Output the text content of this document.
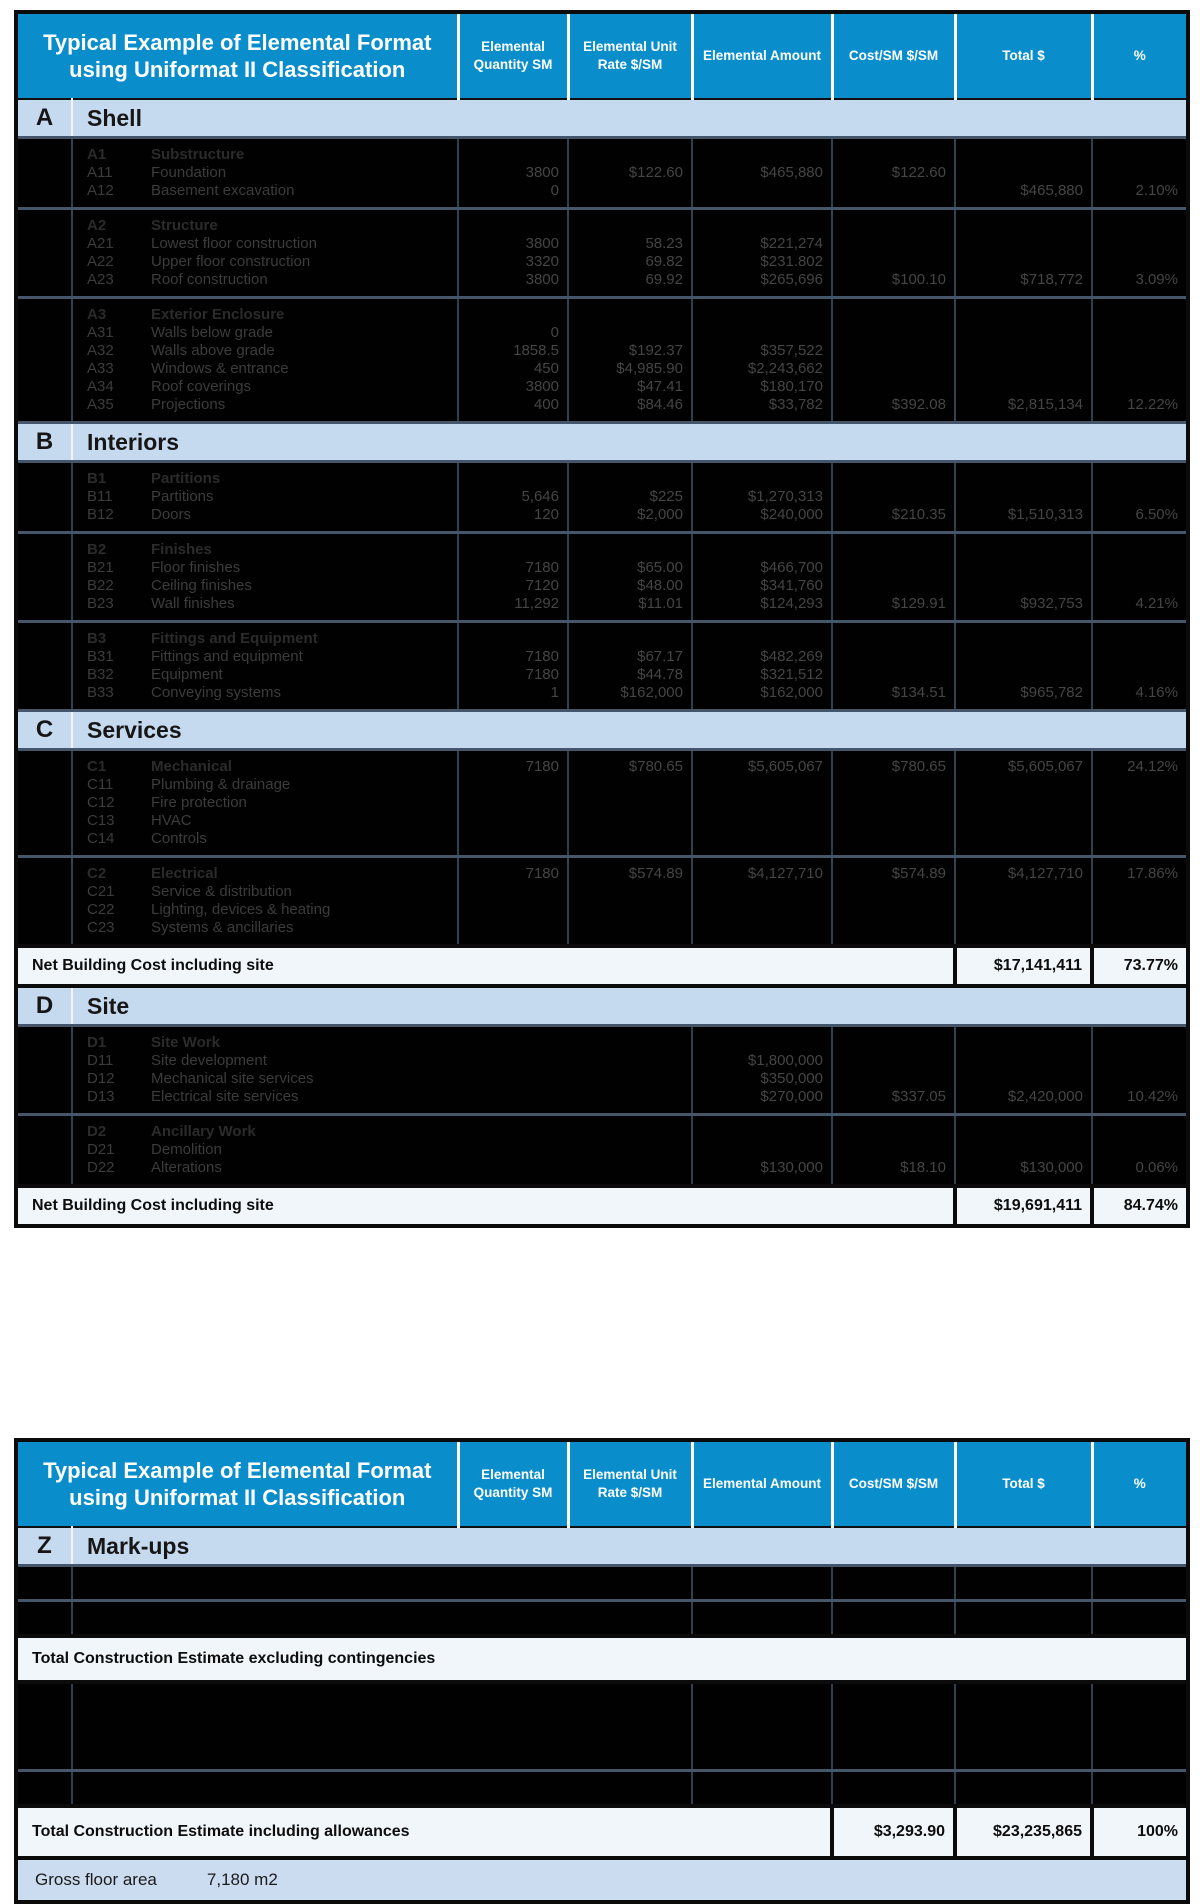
Typical Example of Elemental Format using Uniformat II Classification			Elemental Quantity SM	Elemental Unit Rate $/SM	Elemental Amount	Cost/SM $/SM	Total $	%
A	Shell							
	A1	Substructure						
	A11	Foundation	3800	$122.60	$465,880	$122.60		
	A12	Basement excavation	0				$465,880	2.10%
	A2	Structure						
	A21	Lowest floor construction	3800	58.23	$221,274			
	A22	Upper floor construction	3320	69.82	$231.802			
	A23	Roof construction	3800	69.92	$265,696	$100.10	$718,772	3.09%
	A3	Exterior Enclosure						
	A31	Walls below grade	0					
	A32	Walls above grade	1858.5	$192.37	$357,522			
	A33	Windows & entrance	450	$4,985.90	$2,243,662			
	A34	Roof coverings	3800	$47.41	$180,170			
	A35	Projections	400	$84.46	$33,782	$392.08	$2,815,134	12.22%
B	Interiors							
	B1	Partitions						
	B11	Partitions	5,646	$225	$1,270,313			
	B12	Doors	120	$2,000	$240,000	$210.35	$1,510,313	6.50%
	B2	Finishes						
	B21	Floor finishes	7180	$65.00	$466,700			
	B22	Ceiling finishes	7120	$48.00	$341,760			
	B23	Wall finishes	11,292	$11.01	$124,293	$129.91	$932,753	4.21%
	B3	Fittings and Equipment						
	B31	Fittings and equipment	7180	$67.17	$482,269			
	B32	Equipment	7180	$44.78	$321,512			
	B33	Conveying systems	1	$162,000	$162,000	$134.51	$965,782	4.16%
C	Services							
	C1	Mechanical	7180	$780.65	$5,605,067	$780.65	$5,605,067	24.12%
	C11	Plumbing & drainage						
	C12	Fire protection						
	C13	HVAC						
	C14	Controls						
	C2	Electrical	7180	$574.89	$4,127,710	$574.89	$4,127,710	17.86%
	C21	Service & distribution						
	C22	Lighting, devices & heating						
	C23	Systems & ancillaries						
Net Building Cost including site							$17,141,411	73.77%
D	Site							
	D1	Site Work						
	D11	Site development			$1,800,000			
	D12	Mechanical site services			$350,000			
	D13	Electrical site services			$270,000	$337.05	$2,420,000	10.42%
	D2	Ancillary Work						
	D21	Demolition						
	D22	Alterations			$130,000	$18.10	$130,000	0.06%
Net Building Cost including site							$19,691,411	84.74%
Typical Example of Elemental Format using Uniformat II Classification		Elemental Quantity SM	Elemental Unit Rate $/SM	Elemental Amount	Cost/SM $/SM	Total $	%
Z	Mark-ups						

Total Construction Estimate excluding contingencies							

Total Construction Estimate including allowances					$3,293.90	$23,235,865	100%
Gross floor area 7,180 m2							
